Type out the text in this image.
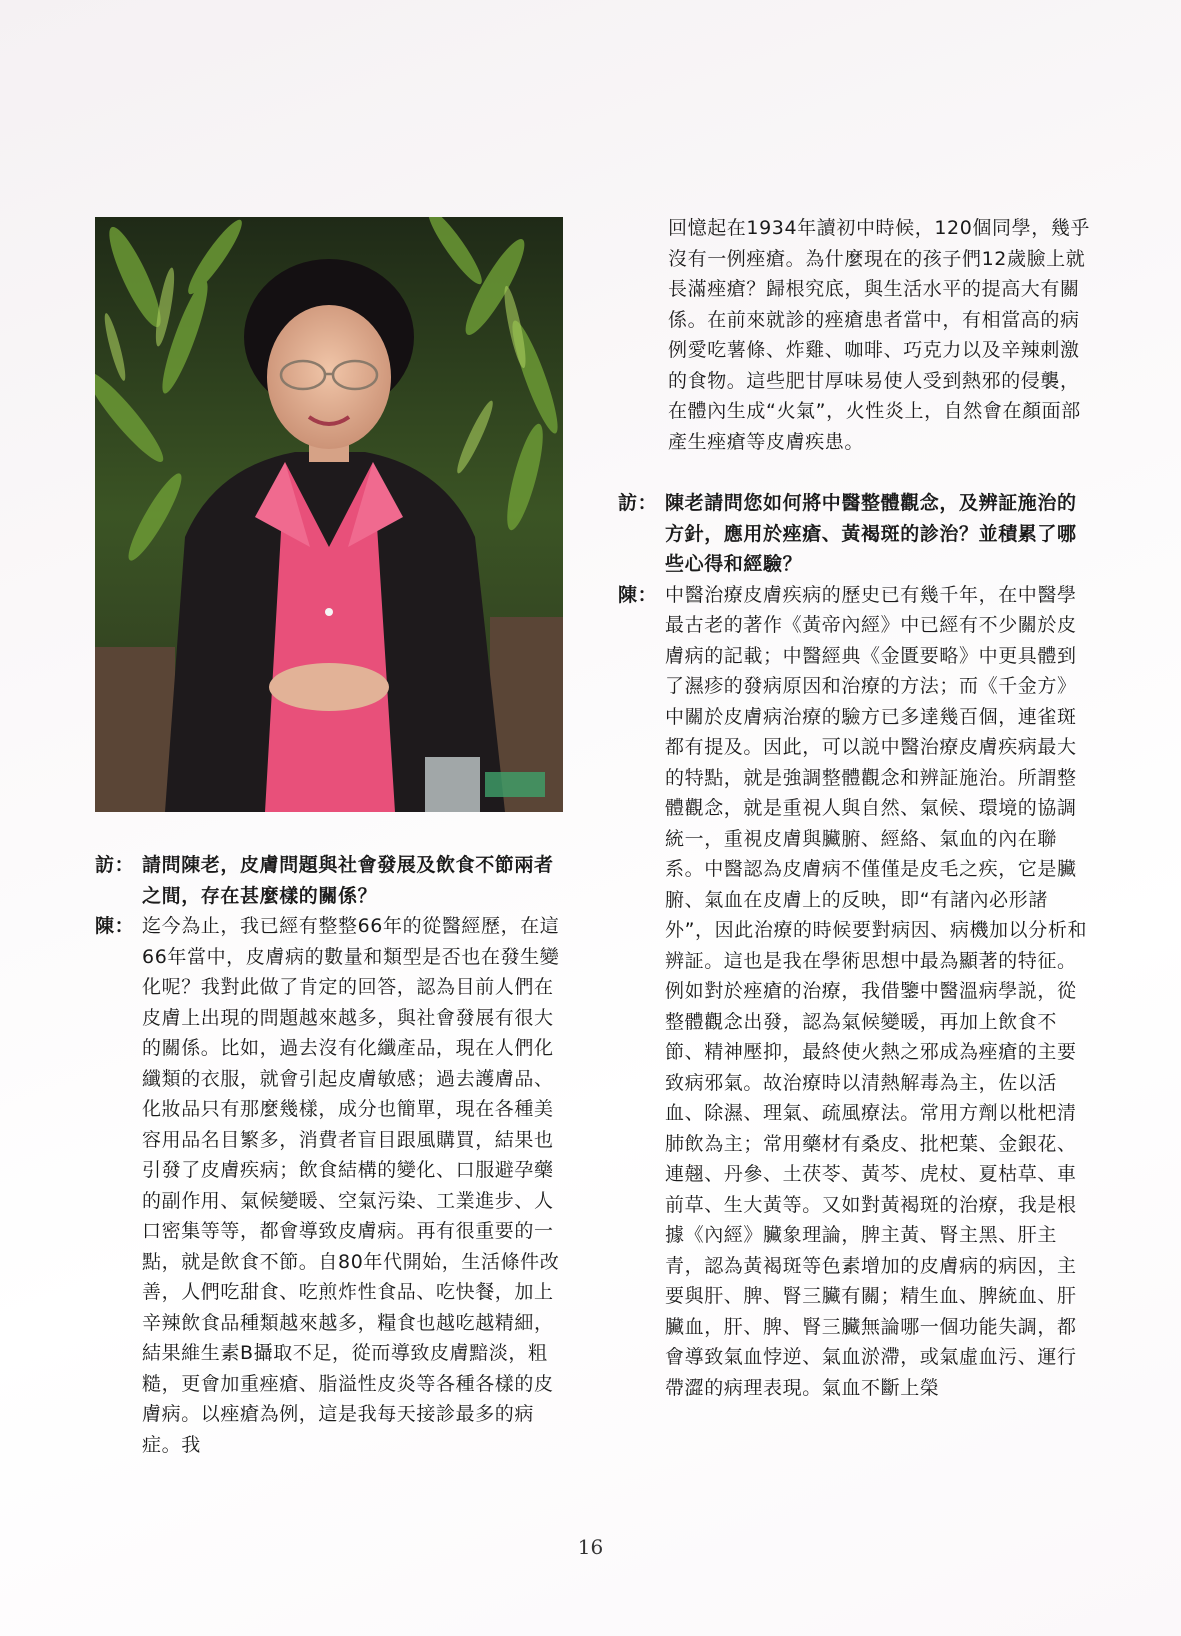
訪： 請問陳老，皮膚問題與社會發展及飲食不節兩者之間，存在甚麼樣的關係？

陳： 迄今為止，我已經有整整66年的從醫經歷，在這66年當中，皮膚病的數量和類型是否也在發生變化呢？我對此做了肯定的回答，認為目前人們在皮膚上出現的問題越來越多，與社會發展有很大的關係。比如，過去沒有化纖產品，現在人們化纖類的衣服，就會引起皮膚敏感；過去護膚品、化妝品只有那麼幾樣，成分也簡單，現在各種美容用品名目繁多，消費者盲目跟風購買，結果也引發了皮膚疾病；飲食結構的變化、口服避孕藥的副作用、氣候變暖、空氣污染、工業進步、人口密集等等，都會導致皮膚病。再有很重要的一點，就是飲食不節。自80年代開始，生活條件改善，人們吃甜食、吃煎炸性食品、吃快餐，加上辛辣飲食品種類越來越多，糧食也越吃越精細，結果維生素B攝取不足，從而導致皮膚黯淡，粗糙，更會加重痤瘡、脂溢性皮炎等各種各樣的皮膚病。以痤瘡為例，這是我每天接診最多的病症。我

回憶起在1934年讀初中時候，120個同學，幾乎沒有一例痤瘡。為什麼現在的孩子們12歲臉上就長滿痤瘡？歸根究底，與生活水平的提高大有關係。在前來就診的痤瘡患者當中，有相當高的病例愛吃薯條、炸雞、咖啡、巧克力以及辛辣刺激的食物。這些肥甘厚味易使人受到熱邪的侵襲，在體內生成“火氣”，火性炎上，自然會在顏面部產生痤瘡等皮膚疾患。

訪： 陳老請問您如何將中醫整體觀念，及辨証施治的方針，應用於痤瘡、黃褐斑的診治？並積累了哪些心得和經驗？

陳： 中醫治療皮膚疾病的歷史已有幾千年，在中醫學最古老的著作《黃帝內經》中已經有不少關於皮膚病的記載；中醫經典《金匱要略》中更具體到了濕疹的發病原因和治療的方法；而《千金方》中關於皮膚病治療的驗方已多達幾百個，連雀斑都有提及。因此，可以説中醫治療皮膚疾病最大的特點，就是強調整體觀念和辨証施治。所謂整體觀念，就是重視人與自然、氣候、環境的協調統一，重視皮膚與臟腑、經絡、氣血的內在聯系。中醫認為皮膚病不僅僅是皮毛之疾，它是臟腑、氣血在皮膚上的反映，即“有諸內必形諸外”，因此治療的時候要對病因、病機加以分析和辨証。這也是我在學術思想中最為顯著的特征。例如對於痤瘡的治療，我借鑒中醫溫病學説，從整體觀念出發，認為氣候變暖，再加上飲食不節、精神壓抑，最終使火熱之邪成為痤瘡的主要致病邪氣。故治療時以清熱解毒為主，佐以活血、除濕、理氣、疏風療法。常用方劑以枇杷清肺飲為主；常用藥材有桑皮、批杷葉、金銀花、連翹、丹參、土茯苓、黃芩、虎杖、夏枯草、車前草、生大黃等。又如對黃褐斑的治療，我是根據《內經》臟象理論，脾主黃、腎主黑、肝主青，認為黃褐斑等色素增加的皮膚病的病因，主要與肝、脾、腎三臟有關；精生血、脾統血、肝臟血，肝、脾、腎三臟無論哪一個功能失調，都會導致氣血悖逆、氣血淤滯，或氣虛血污、運行帶澀的病理表現。氣血不斷上榮

16
